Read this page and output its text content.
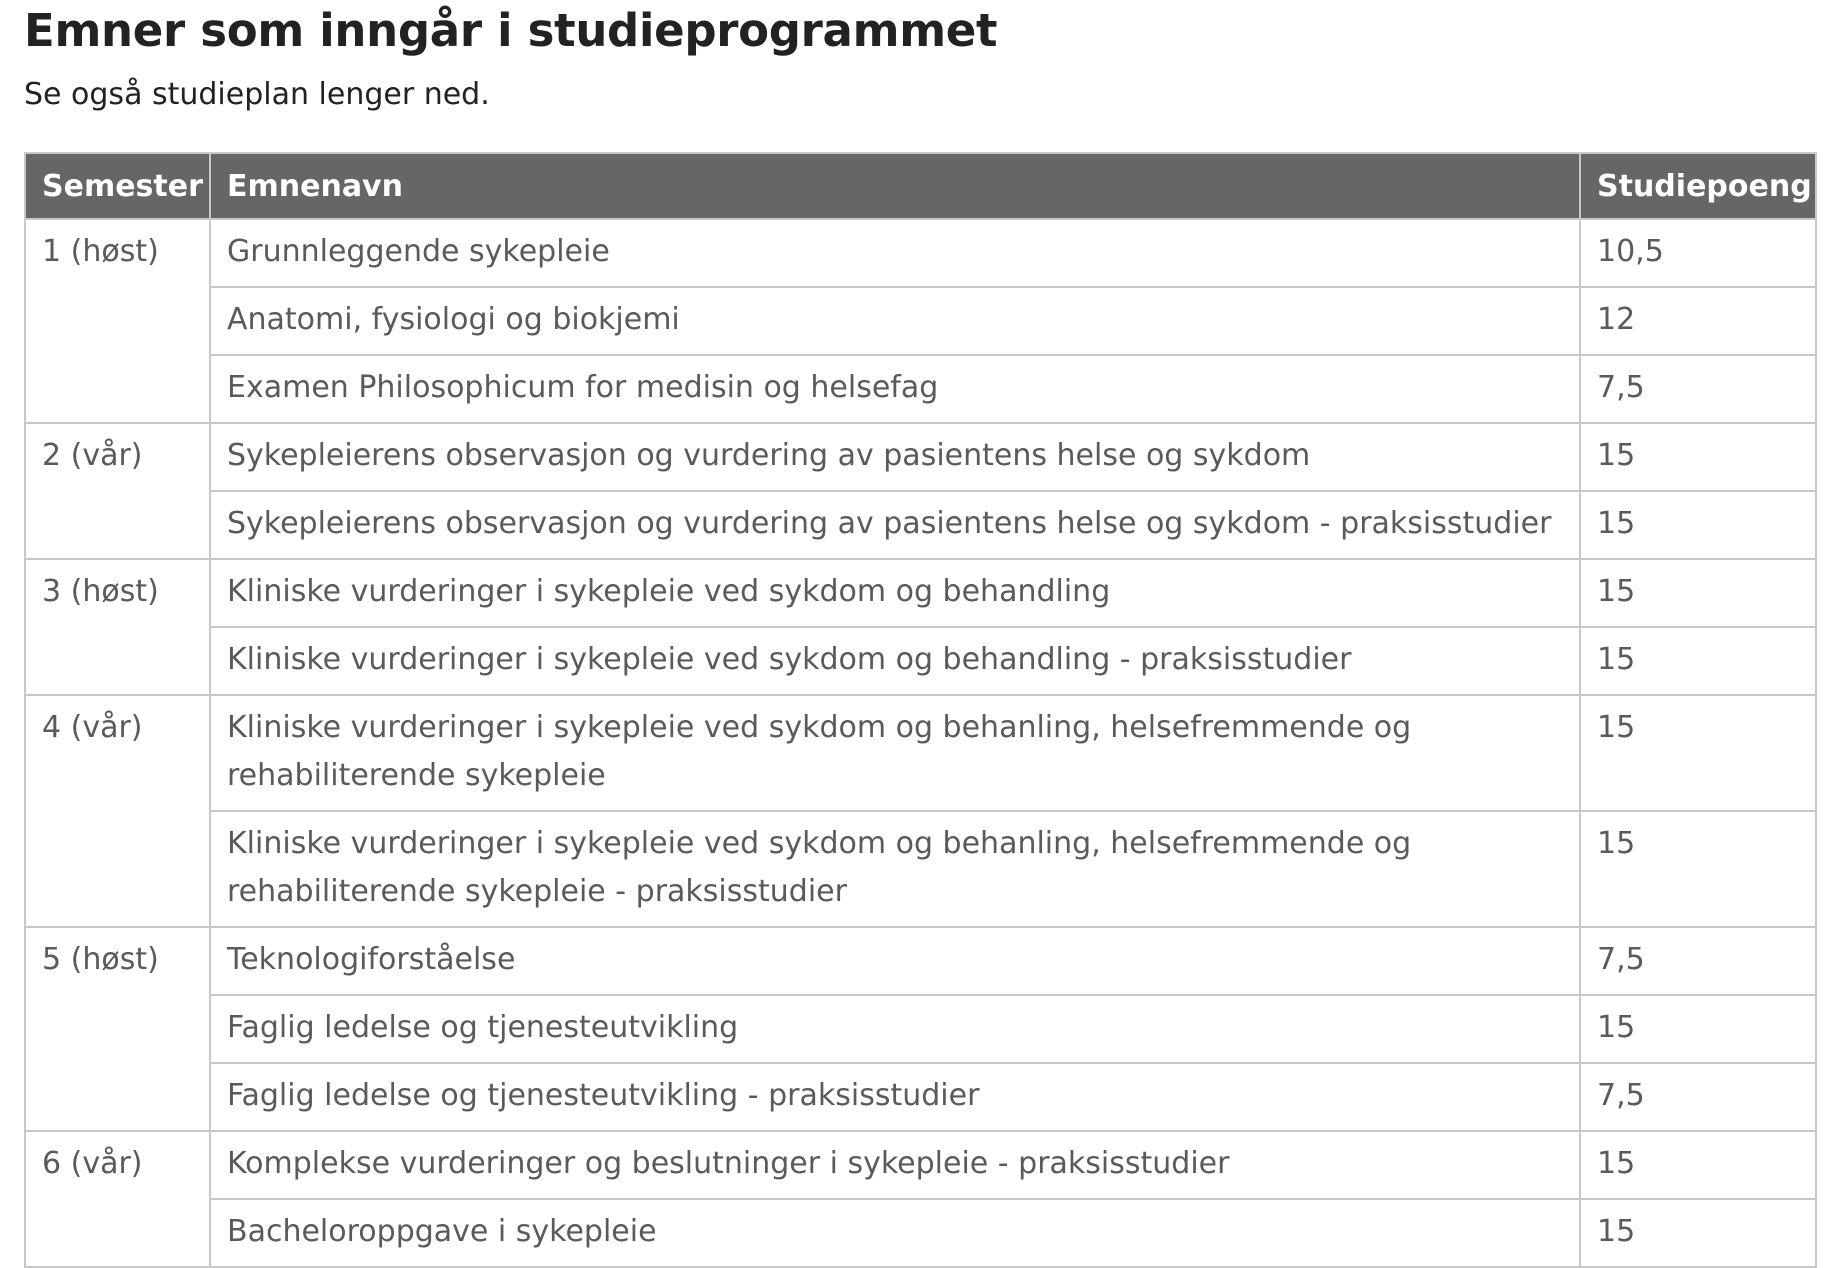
Emner som inngår i studieprogrammet

Se også studieplan lenger ned.

Semester	Emnenavn	Studiepoeng
1 (høst)	Grunnleggende sykepleie	10,5
	Anatomi, fysiologi og biokjemi	12
	Examen Philosophicum for medisin og helsefag	7,5
2 (vår)	Sykepleierens observasjon og vurdering av pasientens helse og sykdom	15
	Sykepleierens observasjon og vurdering av pasientens helse og sykdom - praksisstudier	15
3 (høst)	Kliniske vurderinger i sykepleie ved sykdom og behandling	15
	Kliniske vurderinger i sykepleie ved sykdom og behandling - praksisstudier	15
4 (vår)	Kliniske vurderinger i sykepleie ved sykdom og behanling, helsefremmende og rehabiliterende sykepleie	15
	Kliniske vurderinger i sykepleie ved sykdom og behanling, helsefremmende og rehabiliterende sykepleie - praksisstudier	15
5 (høst)	Teknologiforståelse	7,5
	Faglig ledelse og tjenesteutvikling	15
	Faglig ledelse og tjenesteutvikling - praksisstudier	7,5
6 (vår)	Komplekse vurderinger og beslutninger i sykepleie - praksisstudier	15
	Bacheloroppgave i sykepleie	15
